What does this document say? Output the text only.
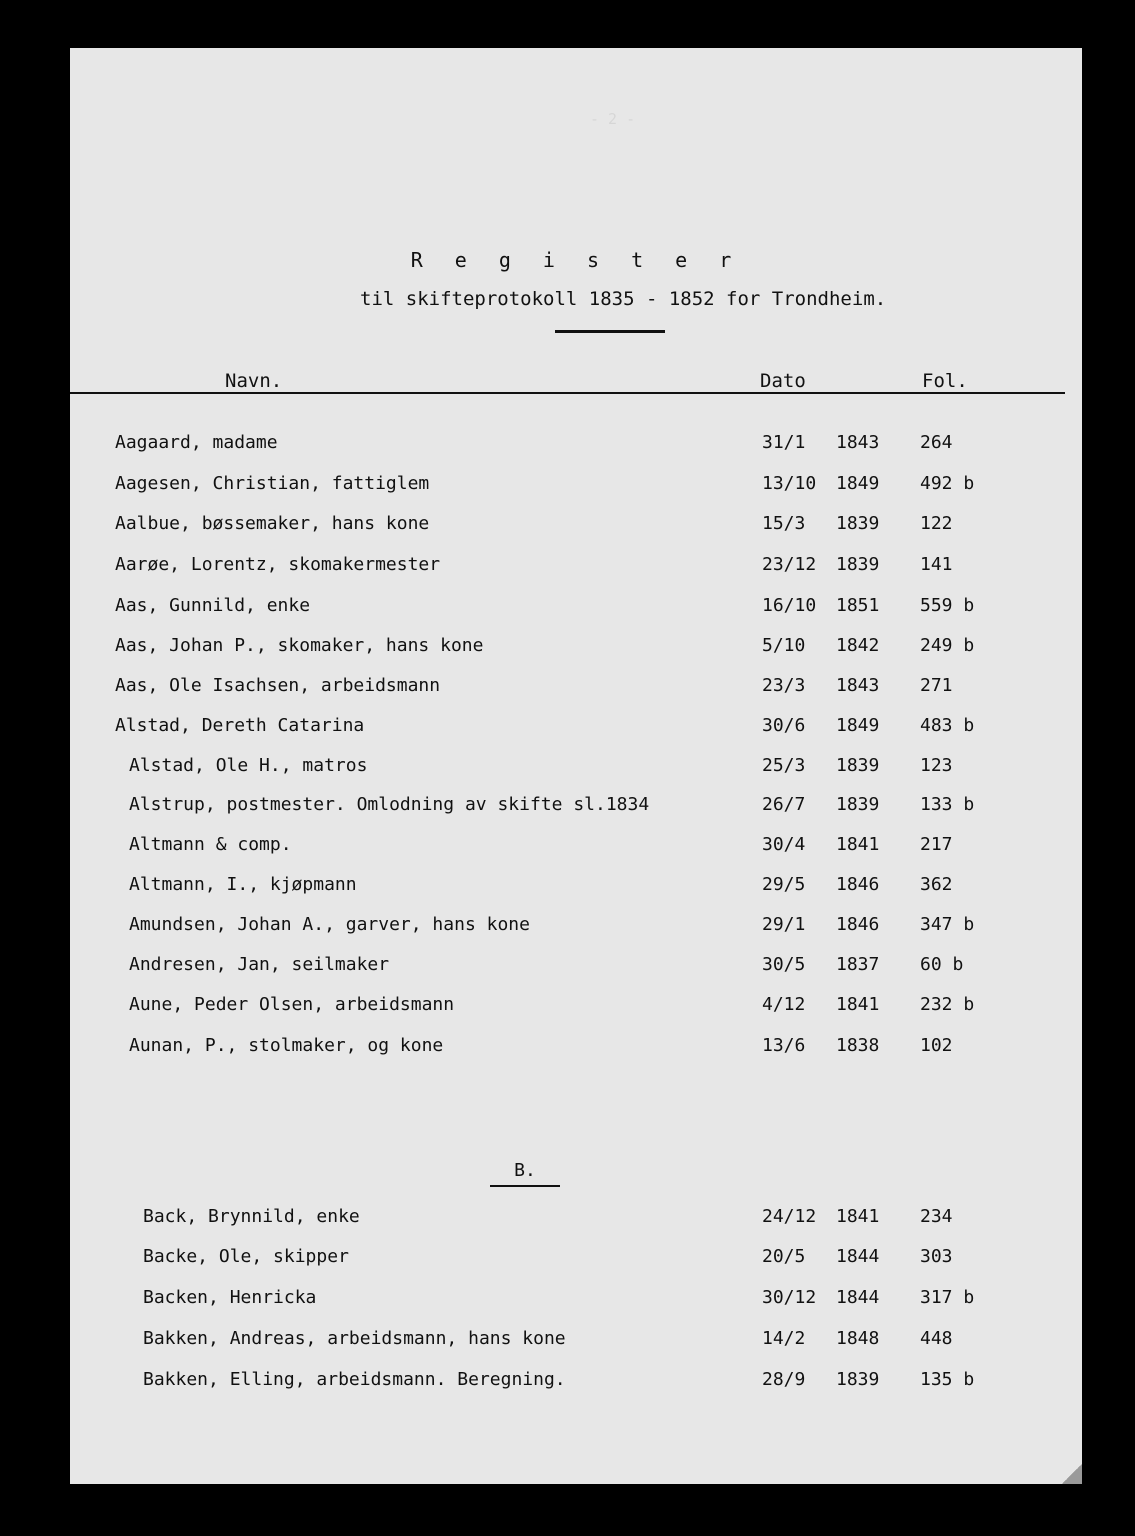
- 2 -
R e g i s t e r
til skifteprotokoll 1835 - 1852 for Trondheim.
Navn.	Dato	Fol.
Aagaard, madame	31/1 1843 264
Aagesen, Christian, fattiglem	13/10 1849 492 b
Aalbue, bøssemaker, hans kone	15/3 1839 122
Aarøe, Lorentz, skomakermester	23/12 1839 141
Aas, Gunnild, enke	16/10 1851 559 b
Aas, Johan P., skomaker, hans kone	5/10 1842 249 b
Aas, Ole Isachsen, arbeidsmann	23/3 1843 271
Alstad, Dereth Catarina	30/6 1849 483 b
Alstad, Ole H., matros	25/3 1839 123
Alstrup, postmester. Omlodning av skifte sl.1834	26/7 1839 133 b
Altmann & comp.	30/4 1841 217
Altmann, I., kjøpmann	29/5 1846 362
Amundsen, Johan A., garver, hans kone	29/1 1846 347 b
Andresen, Jan, seilmaker	30/5 1837 60 b
Aune, Peder Olsen, arbeidsmann	4/12 1841 232 b
Aunan, P., stolmaker, og kone	13/6 1838 102
B.
Back, Brynnild, enke	24/12 1841 234
Backe, Ole, skipper	20/5 1844 303
Backen, Henricka	30/12 1844 317 b
Bakken, Andreas, arbeidsmann, hans kone	14/2 1848 448
Bakken, Elling, arbeidsmann. Beregning.	28/9 1839 135 b
